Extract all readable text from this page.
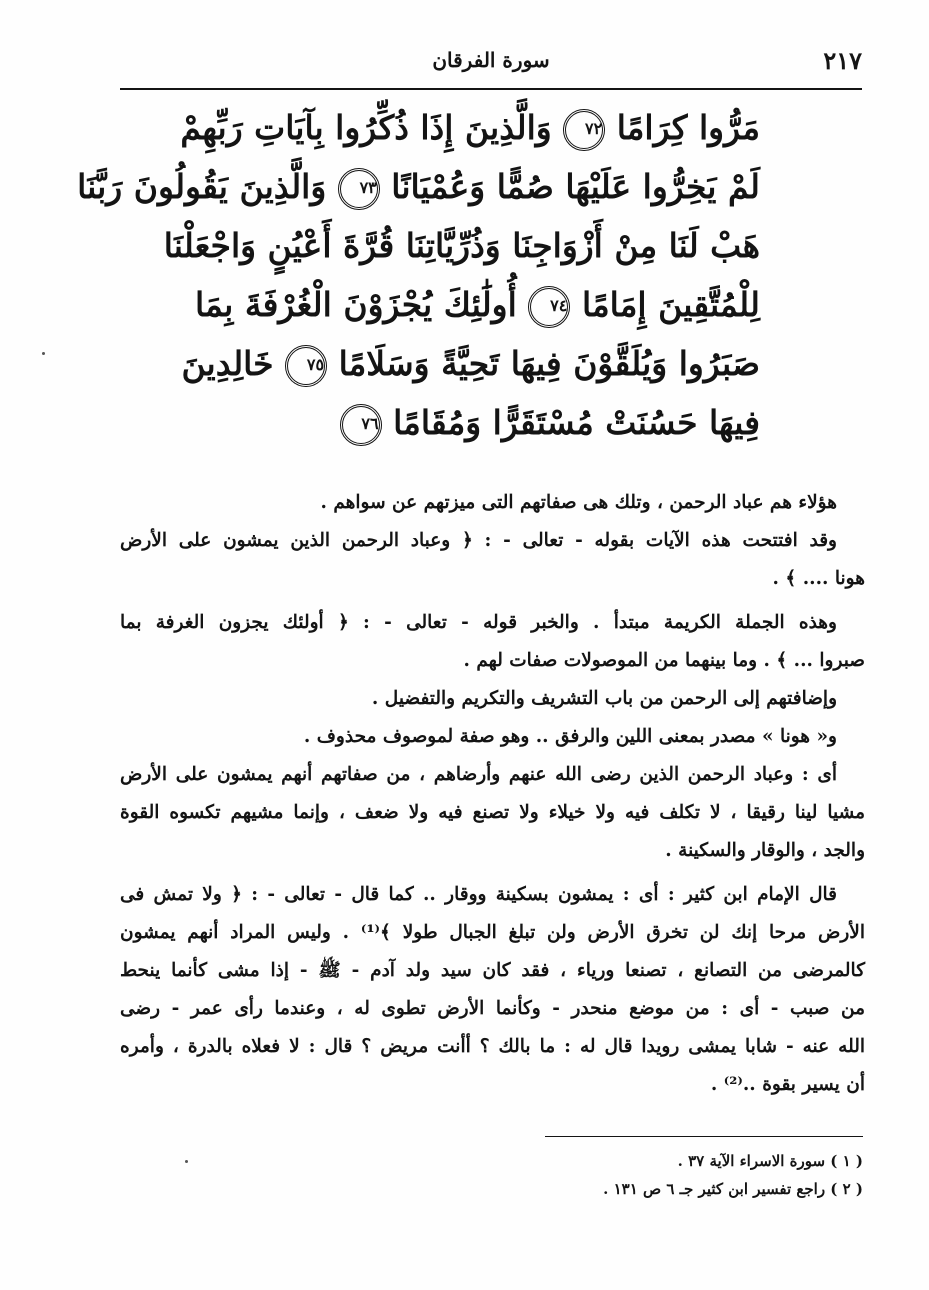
٢١٧
سورة الفرقان
مَرُّوا كِرَامًا ٧٢ وَالَّذِينَ إِذَا ذُكِّرُوا بِآيَاتِ رَبِّهِمْ
لَمْ يَخِرُّوا عَلَيْهَا صُمًّا وَعُمْيَانًا ٧٣ وَالَّذِينَ يَقُولُونَ رَبَّنَا
هَبْ لَنَا مِنْ أَزْوَاجِنَا وَذُرِّيَّاتِنَا قُرَّةَ أَعْيُنٍ وَاجْعَلْنَا
لِلْمُتَّقِينَ إِمَامًا ٧٤ أُولَٰئِكَ يُجْزَوْنَ الْغُرْفَةَ بِمَا
صَبَرُوا وَيُلَقَّوْنَ فِيهَا تَحِيَّةً وَسَلَامًا ٧٥ خَالِدِينَ
فِيهَا حَسُنَتْ مُسْتَقَرًّا وَمُقَامًا ٧٦
هؤلاء هم عباد الرحمن ، وتلك هى صفاتهم التى ميزتهم عن سواهم .
وقد افتتحت هذه الآيات بقوله - تعالى - : ﴿ وعباد الرحمن الذين يمشون على الأرض
هونا .... ﴾ .
وهذه الجملة الكريمة مبتدأ . والخبر قوله - تعالى - : ﴿ أولئك يجزون الغرفة بما
صبروا ... ﴾ . وما بينهما من الموصولات صفات لهم .
وإضافتهم إلى الرحمن من باب التشريف والتكريم والتفضيل .
و« هونا » مصدر بمعنى اللين والرفق .. وهو صفة لموصوف محذوف .
أى : وعباد الرحمن الذين رضى الله عنهم وأرضاهم ، من صفاتهم أنهم يمشون على الأرض
مشيا لينا رقيقا ، لا تكلف فيه ولا خيلاء ولا تصنع فيه ولا ضعف ، وإنما مشيهم تكسوه القوة
والجد ، والوقار والسكينة .
قال الإمام ابن كثير : أى : يمشون بسكينة ووقار .. كما قال - تعالى - : ﴿ ولا تمش فى
الأرض مرحا إنك لن تخرق الأرض ولن تبلغ الجبال طولا ﴾⁽¹⁾ . وليس المراد أنهم يمشون
كالمرضى من التصانع ، تصنعا ورياء ، فقد كان سيد ولد آدم - ﷺ - إذا مشى كأنما ينحط
من صبب - أى : من موضع منحدر - وكأنما الأرض تطوى له ، وعندما رأى عمر - رضى
الله عنه - شابا يمشى رويدا قال له : ما بالك ؟ أأنت مريض ؟ قال : لا فعلاه بالدرة ، وأمره
أن يسير بقوة ..⁽²⁾ .
( ١ ) سورة الاسراء الآية ٣٧ .
( ٢ ) راجع تفسير ابن كثير جـ ٦ ص ١٣١ .
